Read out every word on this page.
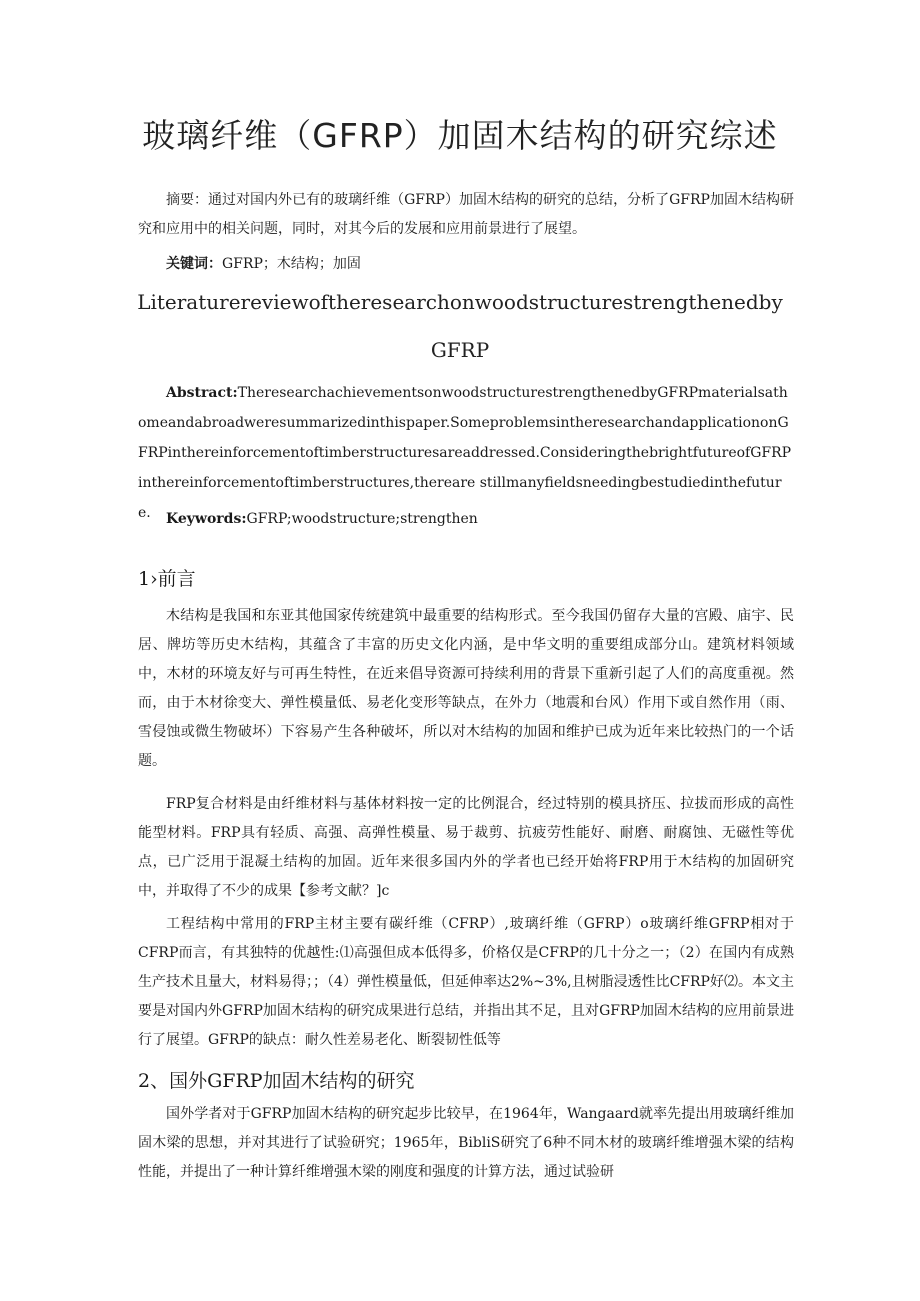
玻璃纤维（GFRP）加固木结构的研究综述

摘要：通过对国内外已有的玻璃纤维（GFRP）加固木结构的研究的总结，分析了GFRP加固木结构研究和应用中的相关问题，同时，对其今后的发展和应用前景进行了展望。

关键词：GFRP；木结构；加固

Literaturereviewoftheresearchonwoodstructurestrengthenedby
GFRP

Abstract:TheresearchachievementsonwoodstructurestrengthenedbyGFRPmaterialsathomeandabroadweresummarizedinthispaper.SomeproblemsintheresearchandapplicationonGFRPinthereinforcementoftimberstructuresareaddressed.ConsideringthebrightfutureofGFRPinthereinforcementoftimberstructures,thereare stillmanyfieldsneedingbestudiedinthefuture.	Keywords:GFRP;woodstructure;strengthen

1›前言

木结构是我国和东亚其他国家传统建筑中最重要的结构形式。至今我国仍留存大量的宫殿、庙宇、民居、牌坊等历史木结构，其蕴含了丰富的历史文化内涵，是中华文明的重要组成部分山。建筑材料领域中，木材的环境友好与可再生特性，在近来倡导资源可持续利用的背景下重新引起了人们的高度重视。然而，由于木材徐变大、弹性模量低、易老化变形等缺点，在外力（地震和台风）作用下或自然作用（雨、雪侵蚀或微生物破坏）下容易产生各种破坏，所以对木结构的加固和维护已成为近年来比较热门的一个话题。

FRP复合材料是由纤维材料与基体材料按一定的比例混合，经过特别的模具挤压、拉拔而形成的高性能型材料。FRP具有轻质、高强、高弹性模量、易于裁剪、抗疲劳性能好、耐磨、耐腐蚀、无磁性等优点，已广泛用于混凝土结构的加固。近年来很多国内外的学者也已经开始将FRP用于木结构的加固研究中，并取得了不少的成果【参考文献？]c

工程结构中常用的FRP主材主要有碳纤维（CFRP）,玻璃纤维（GFRP）o玻璃纤维GFRP相对于CFRP而言，有其独特的优越性:⑴高强但成本低得多，价格仅是CFRP的几十分之一；（2）在国内有成熟生产技术且量大，材料易得；；（4）弹性模量低，但延伸率达2%~3%,且树脂浸透性比CFRP好⑵。本文主要是对国内外GFRP加固木结构的研究成果进行总结，并指出其不足，且对GFRP加固木结构的应用前景进行了展望。GFRP的缺点：耐久性差易老化、断裂韧性低等

2、国外GFRP加固木结构的研究

国外学者对于GFRP加固木结构的研究起步比较早，在1964年，Wangaard就率先提出用玻璃纤维加固木梁的思想，并对其进行了试验研究；1965年，BibliS研究了6种不同木材的玻璃纤维增强木梁的结构性能，并提出了一种计算纤维增强木梁的刚度和强度的计算方法，通过试验研
